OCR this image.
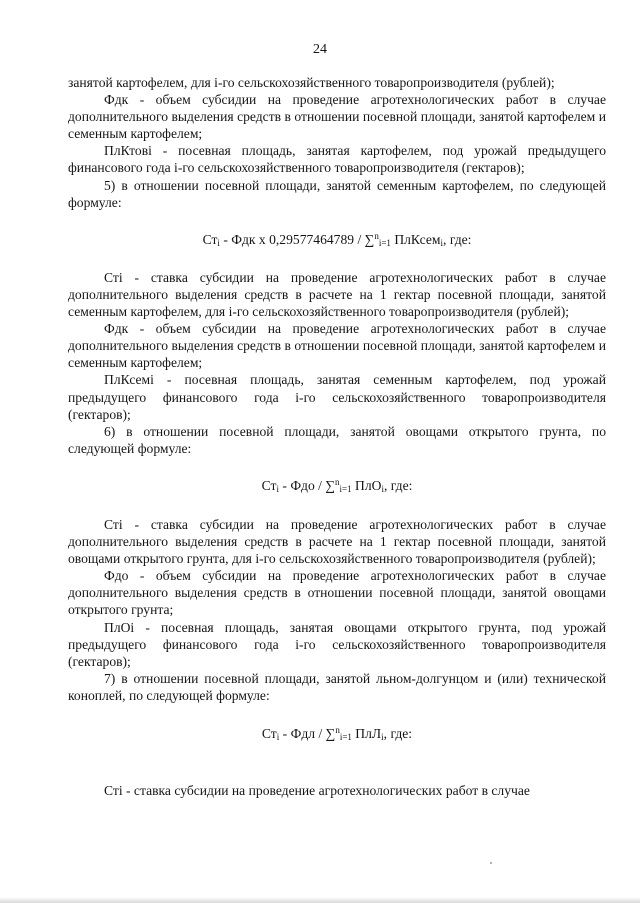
24

занятой картофелем, для i-го сельскохозяйственного товаропроизводителя (рублей);

Фдк - объем субсидии на проведение агротехнологических работ в случае дополнительного выделения средств в отношении посевной площади, занятой картофелем и семенным картофелем;

ПлКтовi - посевная площадь, занятая картофелем, под урожай предыдущего финансового года i-го сельскохозяйственного товаропроизводителя (гектаров);

5) в отношении посевной площади, занятой семенным картофелем, по следующей формуле:

$Ст_i$ - Фдк х 0,29577464789 / ∑$^n_{i=1}$ ПлКсем$_i$, где:

Стi - ставка субсидии на проведение агротехнологических работ в случае дополнительного выделения средств в расчете на 1 гектар посевной площади, занятой семенным картофелем, для i-го сельскохозяйственного товаропроизводителя (рублей);

Фдк - объем субсидии на проведение агротехнологических работ в случае дополнительного выделения средств в отношении посевной площади, занятой картофелем и семенным картофелем;

ПлКсемi - посевная площадь, занятая семенным картофелем, под урожай предыдущего финансового года i-го сельскохозяйственного товаропроизводителя (гектаров);

6) в отношении посевной площади, занятой овощами открытого грунта, по следующей формуле:

$Ст_i$ - Фдо / ∑$^n_{i=1}$ ПлО$_i$, где:

Стi - ставка субсидии на проведение агротехнологических работ в случае дополнительного выделения средств в расчете на 1 гектар посевной площади, занятой овощами открытого грунта, для i-го сельскохозяйственного товаропроизводителя (рублей);

Фдо - объем субсидии на проведение агротехнологических работ в случае дополнительного выделения средств в отношении посевной площади, занятой овощами открытого грунта;

ПлОi - посевная площадь, занятая овощами открытого грунта, под урожай предыдущего финансового года i-го сельскохозяйственного товаропроизводителя (гектаров);

7) в отношении посевной площади, занятой льном-долгунцом и (или) технической коноплей, по следующей формуле:

$Ст_i$ - Фдл / ∑$^n_{i=1}$ ПлЛ$_i$, где:

Стi - ставка субсидии на проведение агротехнологических работ в случае
